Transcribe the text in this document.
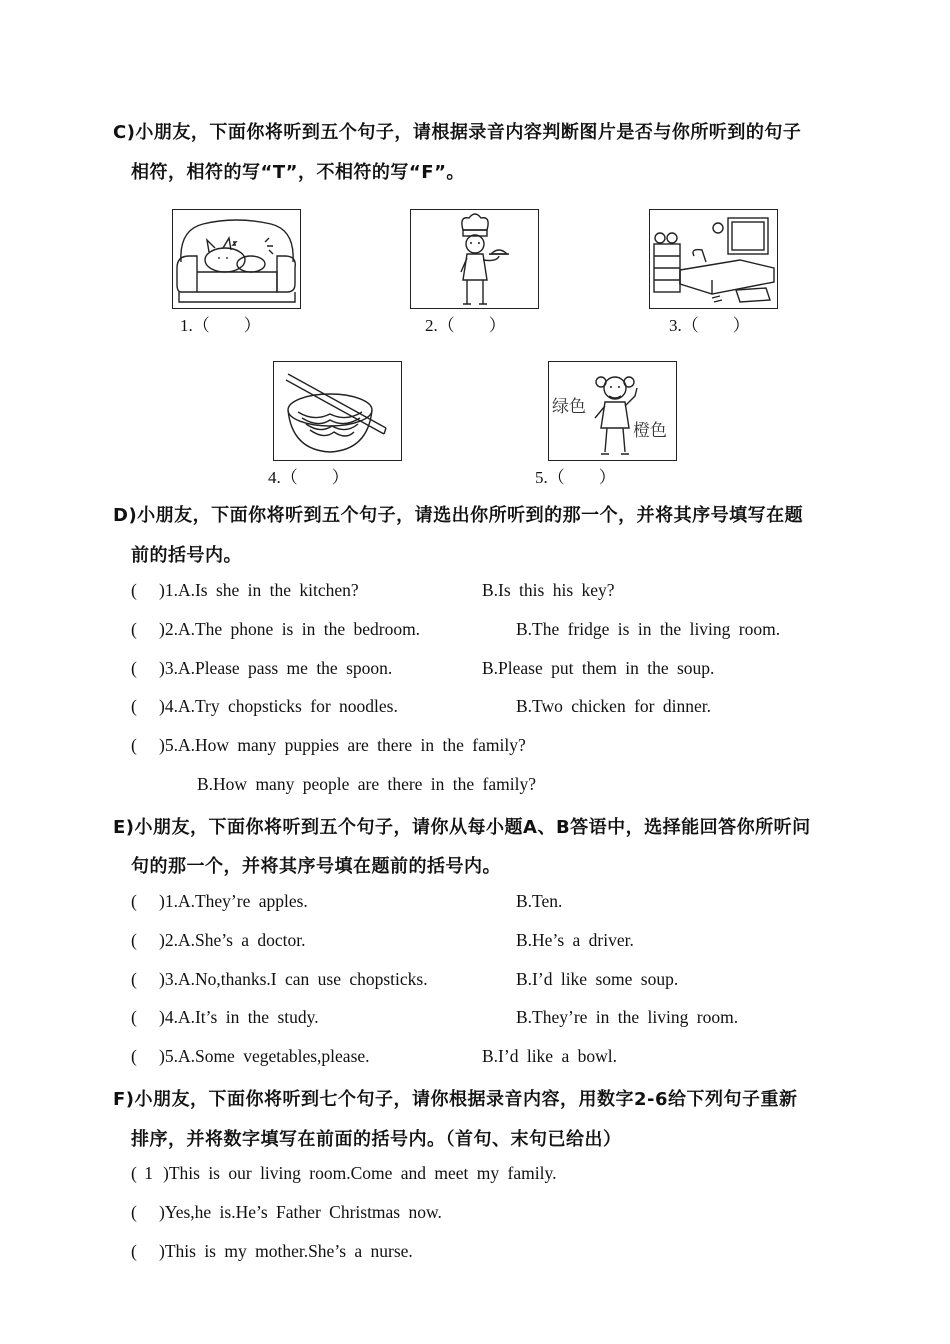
C)小朋友，下面你将听到五个句子，请根据录音内容判断图片是否与你所听到的句子
相符，相符的写“T”，不相符的写“F”。
1.（　　）	2.（　　）	3.（　　）
绿色
橙色
4.（　　）	5.（　　）
D)小朋友，下面你将听到五个句子，请选出你所听到的那一个，并将其序号填写在题
前的括号内。
( )1.A.Is she in the kitchen?	B.Is this his key?
( )2.A.The phone is in the bedroom.	B.The fridge is in the living room.
( )3.A.Please pass me the spoon.	B.Please put them in the soup.
( )4.A.Try chopsticks for noodles.	B.Two chicken for dinner.
( )5.A.How many puppies are there in the family?
B.How many people are there in the family?
E)小朋友，下面你将听到五个句子，请你从每小题A、B答语中，选择能回答你所听问
句的那一个，并将其序号填在题前的括号内。
( )1.A.They’re apples.	B.Ten.
( )2.A.She’s a doctor.	B.He’s a driver.
( )3.A.No,thanks.I can use chopsticks.	B.I’d like some soup.
( )4.A.It’s in the study.	B.They’re in the living room.
( )5.A.Some vegetables,please.	B.I’d like a bowl.
F)小朋友，下面你将听到七个句子，请你根据录音内容，用数字2-6给下列句子重新
排序，并将数字填写在前面的括号内。（首句、末句已给出）
( 1 )This is our living room.Come and meet my family.
( )Yes,he is.He’s Father Christmas now.
( )This is my mother.She’s a nurse.
